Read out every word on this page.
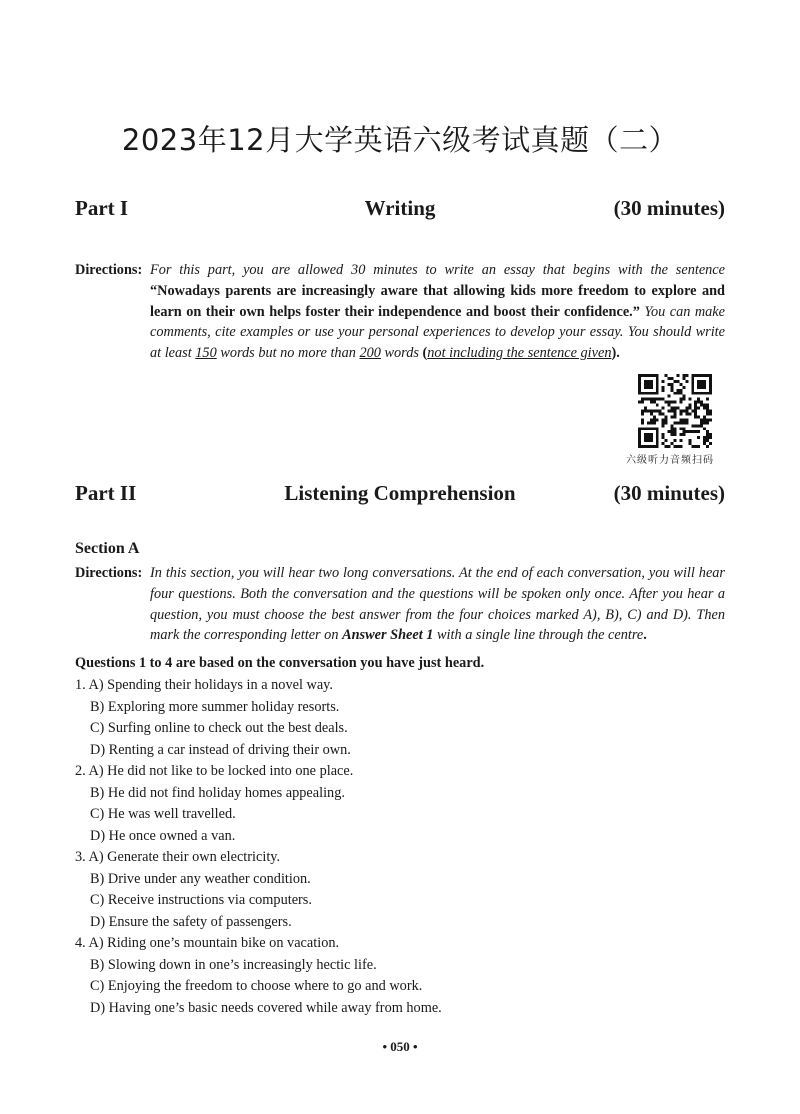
2023年12月大学英语六级考试真题（二）
Part I	Writing	(30 minutes)
Directions: For this part, you are allowed 30 minutes to write an essay that begins with the sentence “Nowadays parents are increasingly aware that allowing kids more freedom to explore and learn on their own helps foster their independence and boost their confidence.” You can make comments, cite examples or use your personal experiences to develop your essay. You should write at least 150 words but no more than 200 words (not including the sentence given).
六级听力音频扫码
Part II	Listening Comprehension	(30 minutes)
Section A
Directions: In this section, you will hear two long conversations. At the end of each conversation, you will hear four questions. Both the conversation and the questions will be spoken only once. After you hear a question, you must choose the best answer from the four choices marked A), B), C) and D). Then mark the corresponding letter on Answer Sheet 1 with a single line through the centre.
Questions 1 to 4 are based on the conversation you have just heard.
1. A) Spending their holidays in a novel way.
B) Exploring more summer holiday resorts.
C) Surfing online to check out the best deals.
D) Renting a car instead of driving their own.
2. A) He did not like to be locked into one place.
B) He did not find holiday homes appealing.
C) He was well travelled.
D) He once owned a van.
3. A) Generate their own electricity.
B) Drive under any weather condition.
C) Receive instructions via computers.
D) Ensure the safety of passengers.
4. A) Riding one’s mountain bike on vacation.
B) Slowing down in one’s increasingly hectic life.
C) Enjoying the freedom to choose where to go and work.
D) Having one’s basic needs covered while away from home.
• 050 •
